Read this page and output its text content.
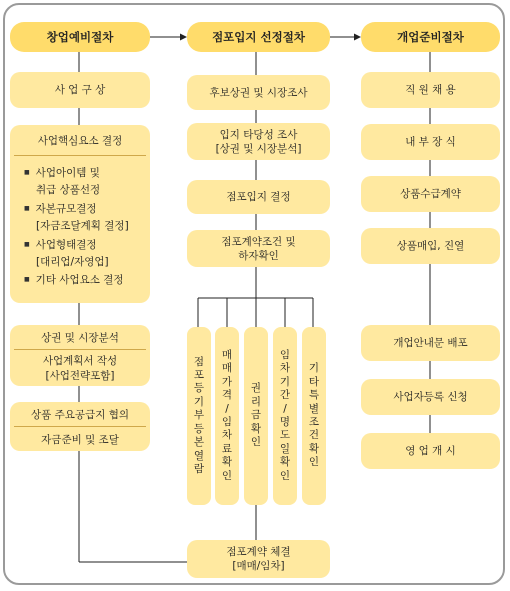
창업예비절차	점포입지 선정절차	개업준비절차
사 업 구 상
사업핵심요소 결정
■ 사업아이템 및
취급 상품선정
■ 자본규모결정
[자금조달계획 결정]
■ 사업형태결정
[대리업/자영업]
■ 기타 사업요소 결정
상권 및 시장분석
사업계획서 작성
[사업전략포함]
상품 주요공급지 협의
자금준비 및 조달
후보상권 및 시장조사
입지 타당성 조사
[상권 및 시장분석]
점포입지 결정
점포계약조건 및
하자확인
점
포
등
기
부
등
본
열
람
매
매
가
격
/
임
차
료
확
인
권
리
금
확
인
임
차
기
간
/
명
도
일
확
인
기
타
특
별
조
건
확
인
점포계약 체결
[매매/임차]
직 원 채 용
내 부 장 식
상품수급계약
상품매입, 진열
개업안내문 배포
사업자등록 신청
영 업 개 시
